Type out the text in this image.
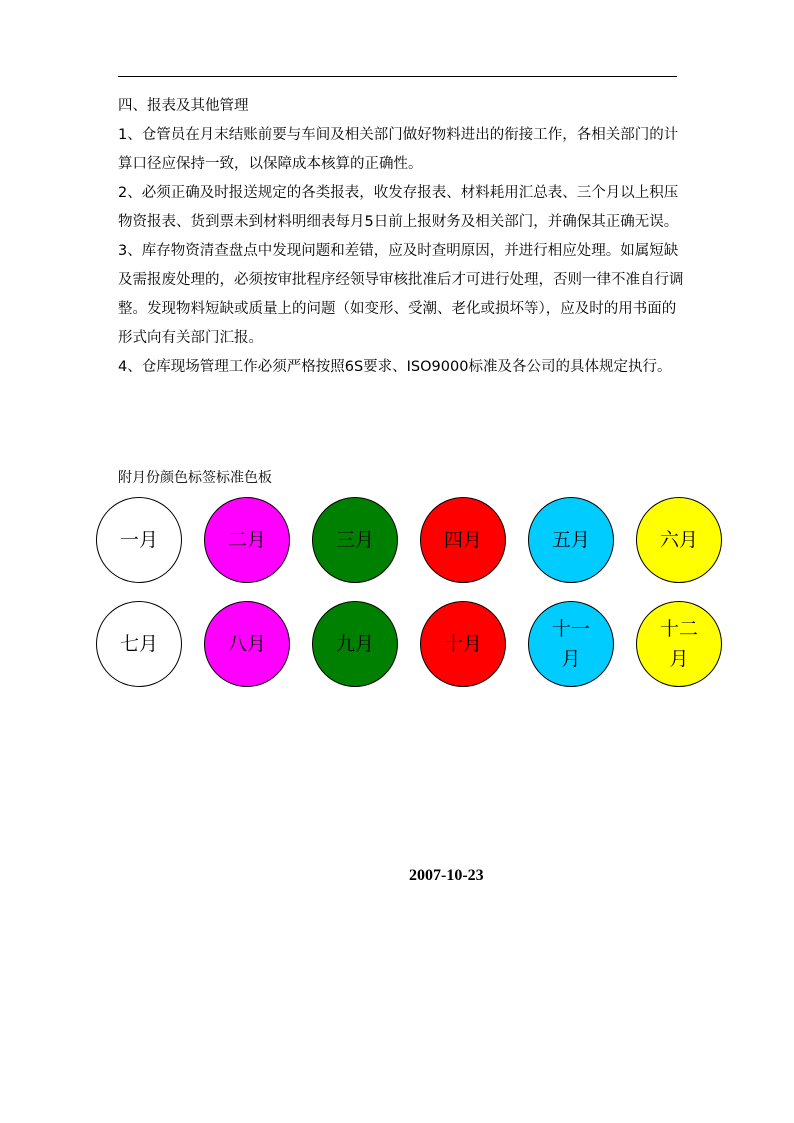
四、报表及其他管理

1、仓管员在月末结账前要与车间及相关部门做好物料进出的衔接工作，各相关部门的计算口径应保持一致，以保障成本核算的正确性。

2、必须正确及时报送规定的各类报表，收发存报表、材料耗用汇总表、三个月以上积压物资报表、货到票未到材料明细表每月5日前上报财务及相关部门，并确保其正确无误。

3、库存物资清查盘点中发现问题和差错，应及时查明原因，并进行相应处理。如属短缺及需报废处理的，必须按审批程序经领导审核批准后才可进行处理，否则一律不准自行调整。发现物料短缺或质量上的问题（如变形、受潮、老化或损坏等），应及时的用书面的形式向有关部门汇报。

4、仓库现场管理工作必须严格按照6S要求、ISO9000标准及各公司的具体规定执行。

附月份颜色标签标准色板
一月	二月	三月	四月	五月	六月
七月	八月	九月	十月
十一月
十二月
2007-10-23
